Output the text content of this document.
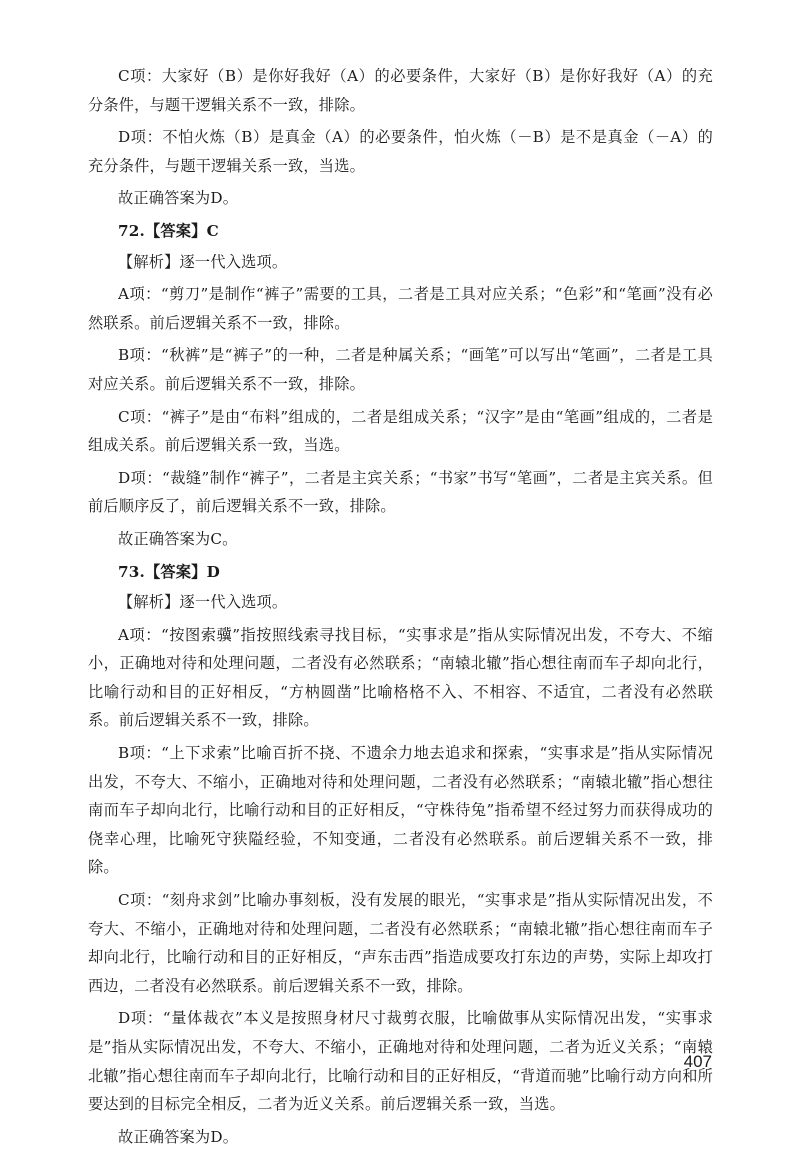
C项：大家好（B）是你好我好（A）的必要条件，大家好（B）是你好我好（A）的充分条件，与题干逻辑关系不一致，排除。

D项：不怕火炼（B）是真金（A）的必要条件，怕火炼（－B）是不是真金（－A）的充分条件，与题干逻辑关系一致，当选。

故正确答案为D。

72.【答案】C

【解析】逐一代入选项。

A项：“剪刀”是制作“裤子”需要的工具，二者是工具对应关系；“色彩”和“笔画”没有必然联系。前后逻辑关系不一致，排除。

B项：“秋裤”是“裤子”的一种，二者是种属关系；“画笔”可以写出“笔画”，二者是工具对应关系。前后逻辑关系不一致，排除。

C项：“裤子”是由“布料”组成的，二者是组成关系；“汉字”是由“笔画”组成的，二者是组成关系。前后逻辑关系一致，当选。

D项：“裁缝”制作“裤子”，二者是主宾关系；“书家”书写“笔画”，二者是主宾关系。但前后顺序反了，前后逻辑关系不一致，排除。

故正确答案为C。

73.【答案】D

【解析】逐一代入选项。

A项：“按图索骥”指按照线索寻找目标，“实事求是”指从实际情况出发，不夸大、不缩小，正确地对待和处理问题，二者没有必然联系；“南辕北辙”指心想往南而车子却向北行，比喻行动和目的正好相反，“方枘圆凿”比喻格格不入、不相容、不适宜，二者没有必然联系。前后逻辑关系不一致，排除。

B项：“上下求索”比喻百折不挠、不遗余力地去追求和探索，“实事求是”指从实际情况出发，不夸大、不缩小，正确地对待和处理问题，二者没有必然联系；“南辕北辙”指心想往南而车子却向北行，比喻行动和目的正好相反，“守株待兔”指希望不经过努力而获得成功的侥幸心理，比喻死守狭隘经验，不知变通，二者没有必然联系。前后逻辑关系不一致，排除。

C项：“刻舟求剑”比喻办事刻板，没有发展的眼光，“实事求是”指从实际情况出发，不夸大、不缩小，正确地对待和处理问题，二者没有必然联系；“南辕北辙”指心想往南而车子却向北行，比喻行动和目的正好相反，“声东击西”指造成要攻打东边的声势，实际上却攻打西边，二者没有必然联系。前后逻辑关系不一致，排除。

D项：“量体裁衣”本义是按照身材尺寸裁剪衣服，比喻做事从实际情况出发，“实事求是”指从实际情况出发，不夸大、不缩小，正确地对待和处理问题，二者为近义关系；“南辕北辙”指心想往南而车子却向北行，比喻行动和目的正好相反，“背道而驰”比喻行动方向和所要达到的目标完全相反，二者为近义关系。前后逻辑关系一致，当选。

故正确答案为D。

407
